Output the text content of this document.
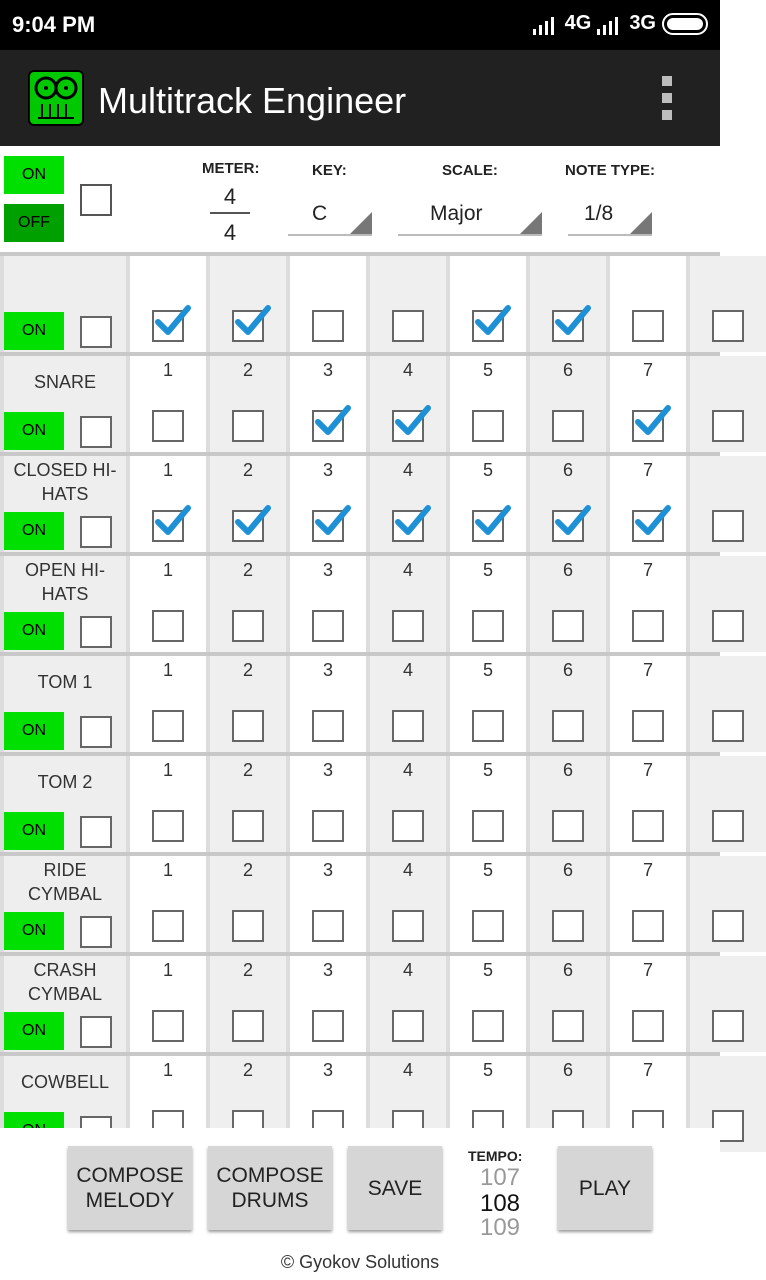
9:04 PM	4G 3G
Multitrack Engineer
ON
OFF
METER:
4
4
KEY:
C
SCALE:
Major
NOTE TYPE:
1/8
ON
SNARE
ON
1	2	3	4	5	6	7
CLOSED HI-HATS
ON
1	2	3	4	5	6	7
OPEN HI-HATS
ON
1	2	3	4	5	6	7
TOM 1
ON
1	2	3	4	5	6	7
TOM 2
ON
1	2	3	4	5	6	7
RIDE CYMBAL
ON
1	2	3	4	5	6	7
CRASH CYMBAL
ON
1	2	3	4	5	6	7
COWBELL
1	2	3	4	5	6	7
COMPOSE MELODY
COMPOSE DRUMS
SAVE
TEMPO:
107
108
109
PLAY
© Gyokov Solutions
